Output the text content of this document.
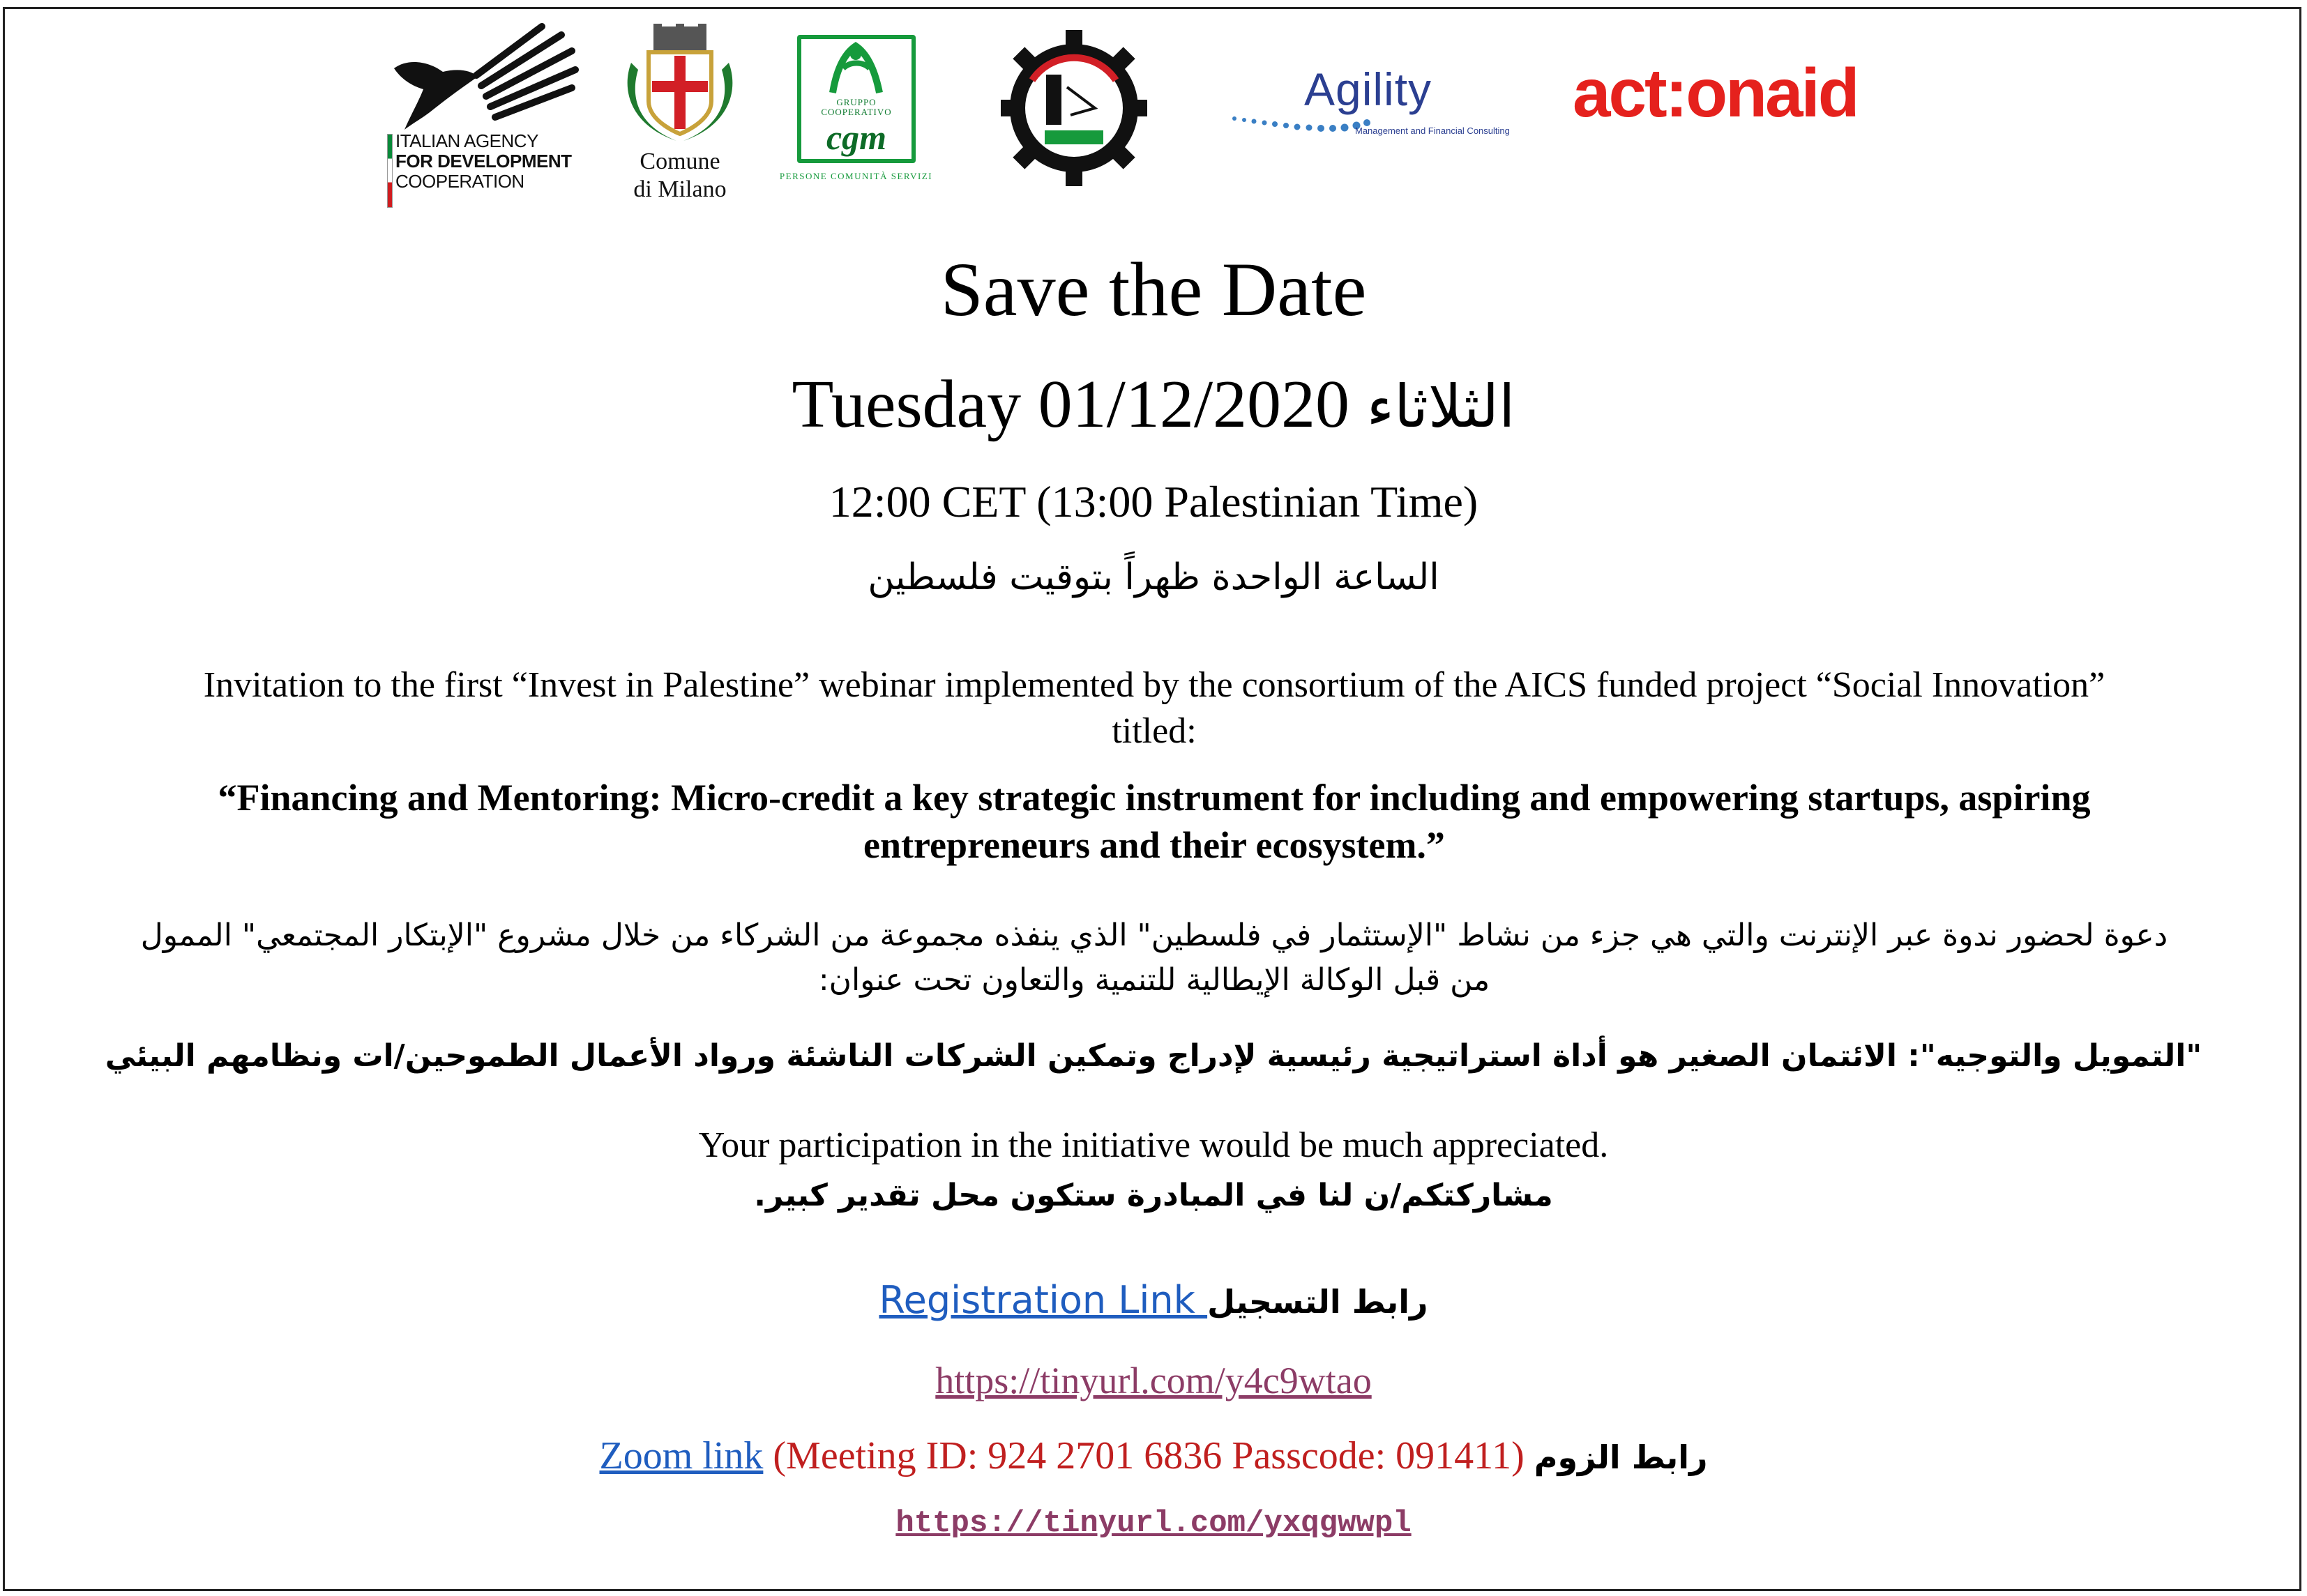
ITALIAN AGENCY
FOR DEVELOPMENT
COOPERATION
Comune
di Milano
GRUPPO
COOPERATIVO
cgm
PERSONE COMUNITÀ SERVIZI
Agility
Management and Financial Consulting act:onaid
Save the Date
Tuesday 01/12/2020 الثلاثاء
12:00 CET (13:00 Palestinian Time)
الساعة الواحدة ظهراً بتوقيت فلسطين
Invitation to the first “Invest in Palestine” webinar implemented by the consortium of the AICS funded project “Social Innovation” titled:
“Financing and Mentoring: Micro-credit a key strategic instrument for including and empowering startups, aspiring entrepreneurs and their ecosystem.”
دعوة لحضور ندوة عبر الإنترنت والتي هي جزء من نشاط "الإستثمار في فلسطين" الذي ينفذه مجموعة من الشركاء من خلال مشروع "الإبتكار المجتمعي" الممول من قبل الوكالة الإيطالية للتنمية والتعاون تحت عنوان:
"التمويل والتوجيه": الائتمان الصغير هو أداة استراتيجية رئيسية لإدراج وتمكين الشركات الناشئة ورواد الأعمال الطموحين/ات ونظامهم البيئي
Your participation in the initiative would be much appreciated.
مشاركتكم/ن لنا في المبادرة ستكون محل تقدير كبير.
Registration Link رابط التسجيل
https://tinyurl.com/y4c9wtao
Zoom link (Meeting ID: 924 2701 6836 Passcode: 091411) رابط الزوم
https://tinyurl.com/yxqgwwpl
